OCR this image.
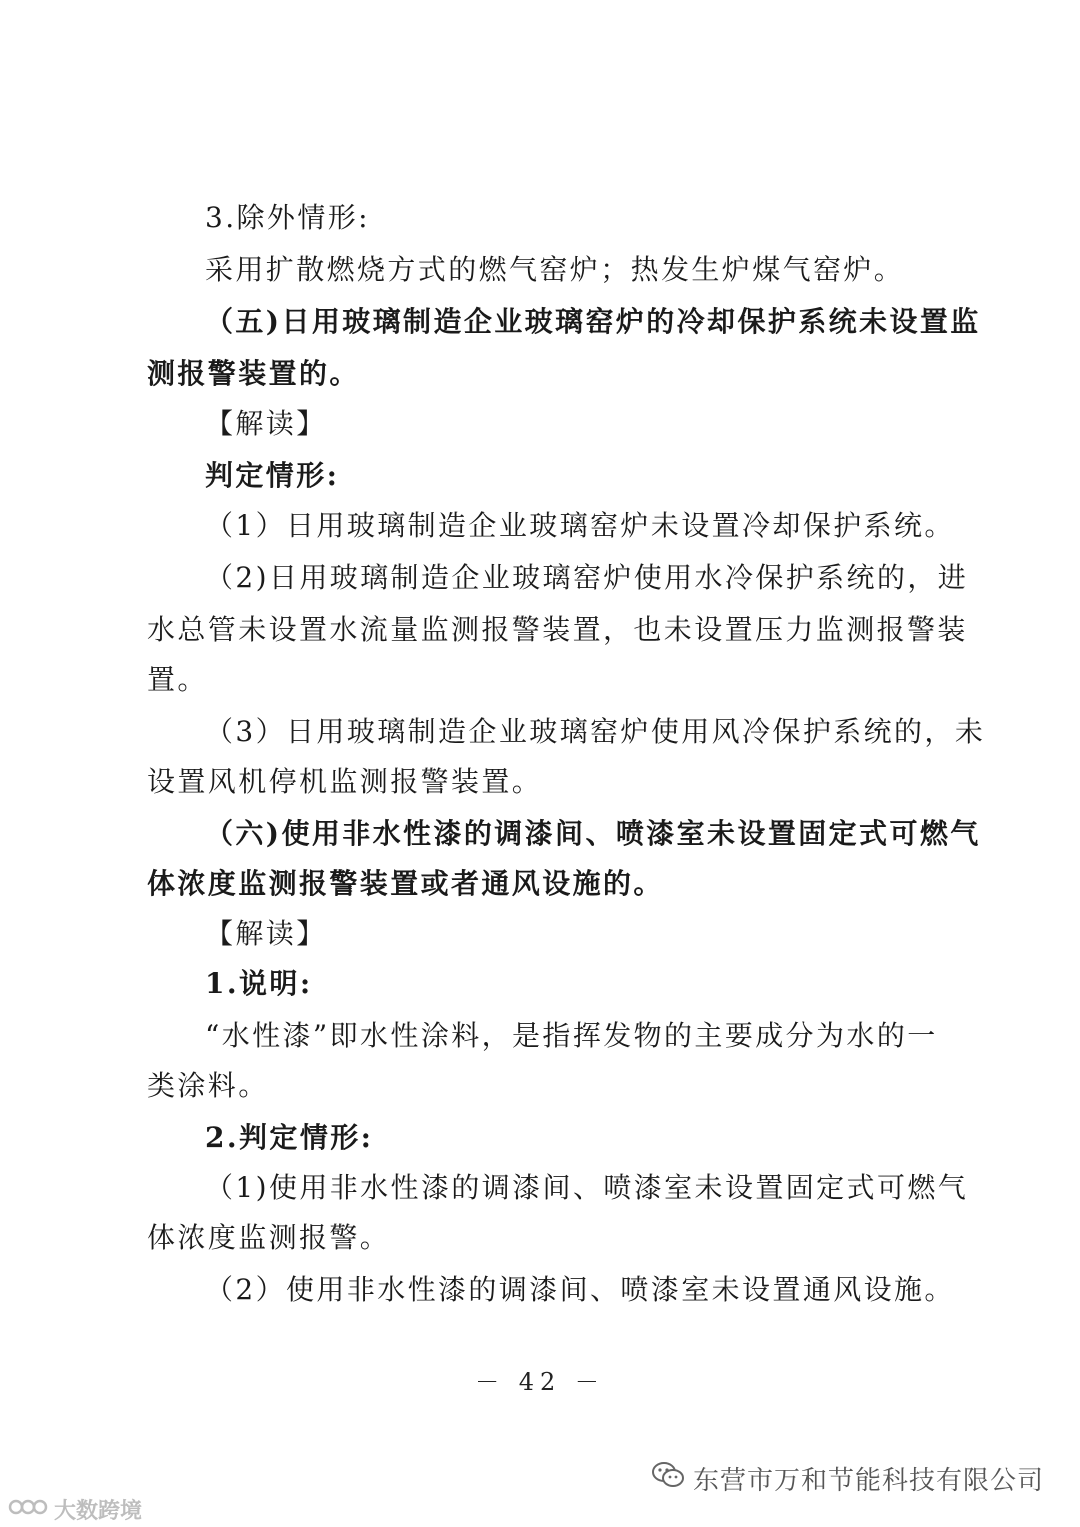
3.除外情形:
采用扩散燃烧方式的燃气窑炉；热发生炉煤气窑炉。
（五)日用玻璃制造企业玻璃窑炉的冷却保护系统未设置监
测报警装置的。
【解读】
判定情形:
（1）日用玻璃制造企业玻璃窑炉未设置冷却保护系统。
（2)日用玻璃制造企业玻璃窑炉使用水冷保护系统的，进
水总管未设置水流量监测报警装置，也未设置压力监测报警装
置。
（3）日用玻璃制造企业玻璃窑炉使用风冷保护系统的，未
设置风机停机监测报警装置。
（六)使用非水性漆的调漆间、喷漆室未设置固定式可燃气
体浓度监测报警装置或者通风设施的。
【解读】
1.说明:
“水性漆”即水性涂料，是指挥发物的主要成分为水的一
类涂料。
2.判定情形:
（1)使用非水性漆的调漆间、喷漆室未设置固定式可燃气
体浓度监测报警。
（2）使用非水性漆的调漆间、喷漆室未设置通风设施。
－ 42 －
东营市万和节能科技有限公司
大数跨境
